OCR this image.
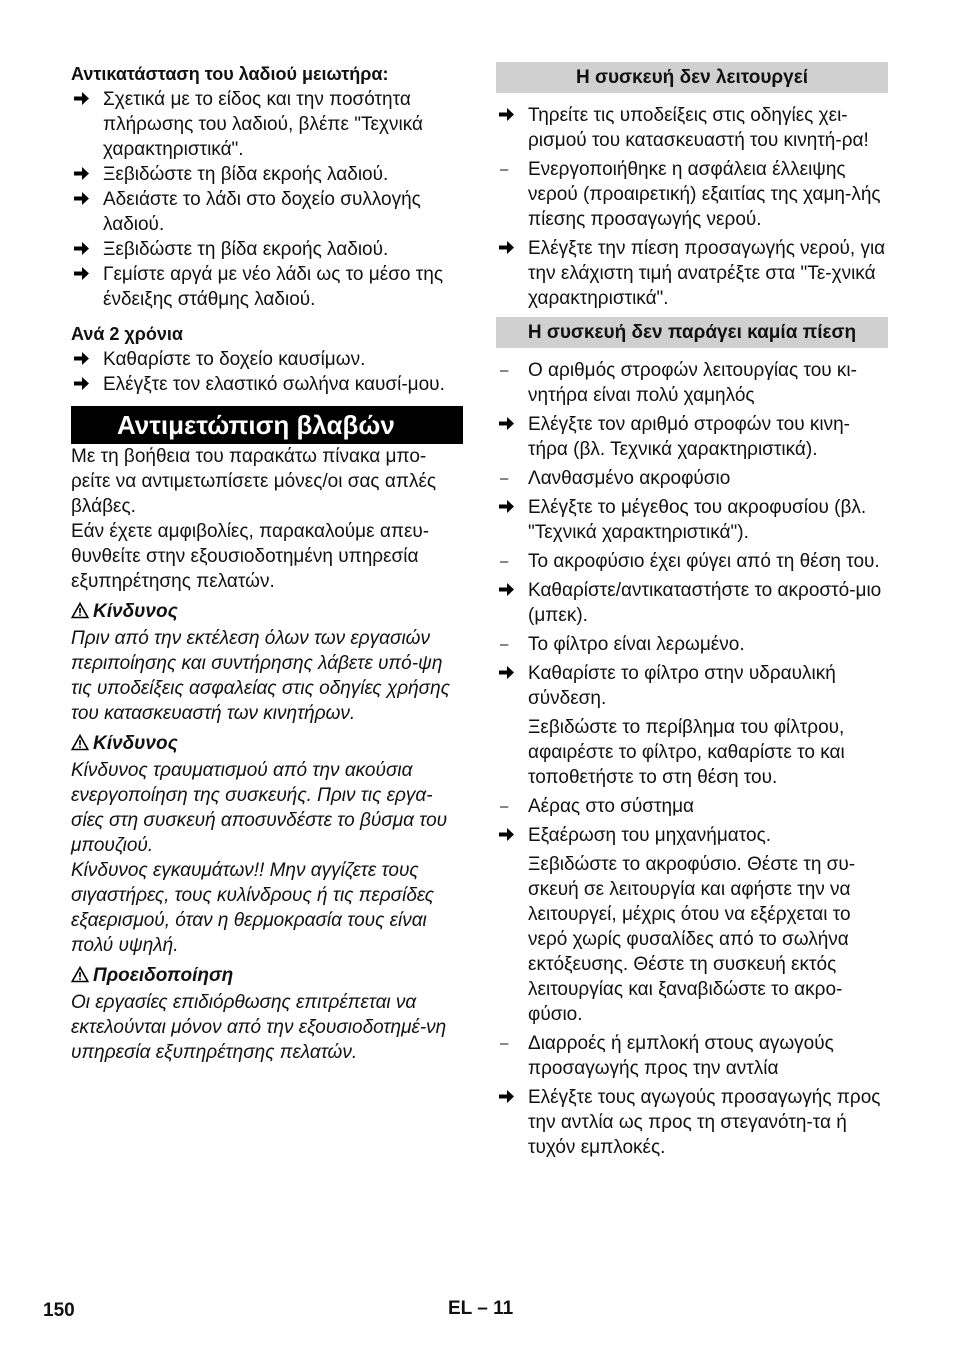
Αντικατάσταση του λαδιού μειωτήρα:
Σχετικά με το είδος και την ποσότητα πλήρωσης του λαδιού, βλέπε "Τεχνικά χαρακτηριστικά".
Ξεβιδώστε τη βίδα εκροής λαδιού.
Αδειάστε το λάδι στο δοχείο συλλογής λαδιού.
Ξεβιδώστε τη βίδα εκροής λαδιού.
Γεμίστε αργά με νέο λάδι ως το μέσο της ένδειξης στάθμης λαδιού.
Ανά 2 χρόνια
Καθαρίστε το δοχείο καυσίμων.
Ελέγξτε τον ελαστικό σωλήνα καυσί-μου.
Αντιμετώπιση βλαβών

Με τη βοήθεια του παρακάτω πίνακα μπο-ρείτε να αντιμετωπίσετε μόνες/οι σας απλές βλάβες.

Εάν έχετε αμφιβολίες, παρακαλούμε απευ-θυνθείτε στην εξουσιοδοτημένη υπηρεσία εξυπηρέτησης πελατών.

Κίνδυνος

Πριν από την εκτέλεση όλων των εργασιών περιποίησης και συντήρησης λάβετε υπό-ψη τις υποδείξεις ασφαλείας στις οδηγίες χρήσης του κατασκευαστή των κινητήρων.

Κίνδυνος

Κίνδυνος τραυματισμού από την ακούσια ενεργοποίηση της συσκευής. Πριν τις εργα-σίες στη συσκευή αποσυνδέστε το βύσμα του μπουζιού.

Κίνδυνος εγκαυμάτων!! Μην αγγίζετε τους σιγαστήρες, τους κυλίνδρους ή τις περσίδες εξαερισμού, όταν η θερμοκρασία τους είναι πολύ υψηλή.

Προειδοποίηση

Οι εργασίες επιδιόρθωσης επιτρέπεται να εκτελούνται μόνον από την εξουσιοδοτημέ-νη υπηρεσία εξυπηρέτησης πελατών.

Η συσκευή δεν λειτουργεί
Τηρείτε τις υποδείξεις στις οδηγίες χει-ρισμού του κατασκευαστή του κινητή-ρα!
–	Ενεργοποιήθηκε η ασφάλεια έλλειψης νερού (προαιρετική) εξαιτίας της χαμη-λής πίεσης προσαγωγής νερού.
Ελέγξτε την πίεση προσαγωγής νερού, για την ελάχιστη τιμή ανατρέξτε στα "Τε-χνικά χαρακτηριστικά".
Η συσκευή δεν παράγει καμία πίεση
–	Ο αριθμός στροφών λειτουργίας του κι-νητήρα είναι πολύ χαμηλός
Ελέγξτε τον αριθμό στροφών του κινη-τήρα (βλ. Τεχνικά χαρακτηριστικά).
–	Λανθασμένο ακροφύσιο
Ελέγξτε το μέγεθος του ακροφυσίου (βλ. "Τεχνικά χαρακτηριστικά").
–	Το ακροφύσιο έχει φύγει από τη θέση του.
Καθαρίστε/αντικαταστήστε το ακροστό-μιο (μπεκ).
–	Το φίλτρο είναι λερωμένο.
Καθαρίστε το φίλτρο στην υδραυλική σύνδεση.
Ξεβιδώστε το περίβλημα του φίλτρου, αφαιρέστε το φίλτρο, καθαρίστε το και τοποθετήστε το στη θέση του.
–	Αέρας στο σύστημα
Εξαέρωση του μηχανήματος.
Ξεβιδώστε το ακροφύσιο. Θέστε τη συ-σκευή σε λειτουργία και αφήστε την να λειτουργεί, μέχρις ότου να εξέρχεται το νερό χωρίς φυσαλίδες από το σωλήνα εκτόξευσης. Θέστε τη συσκευή εκτός λειτουργίας και ξαναβιδώστε το ακρο-φύσιο.
–	Διαρροές ή εμπλοκή στους αγωγούς προσαγωγής προς την αντλία
Ελέγξτε τους αγωγούς προσαγωγής προς την αντλία ως προς τη στεγανότη-τα ή τυχόν εμπλοκές.
150	EL – 11
